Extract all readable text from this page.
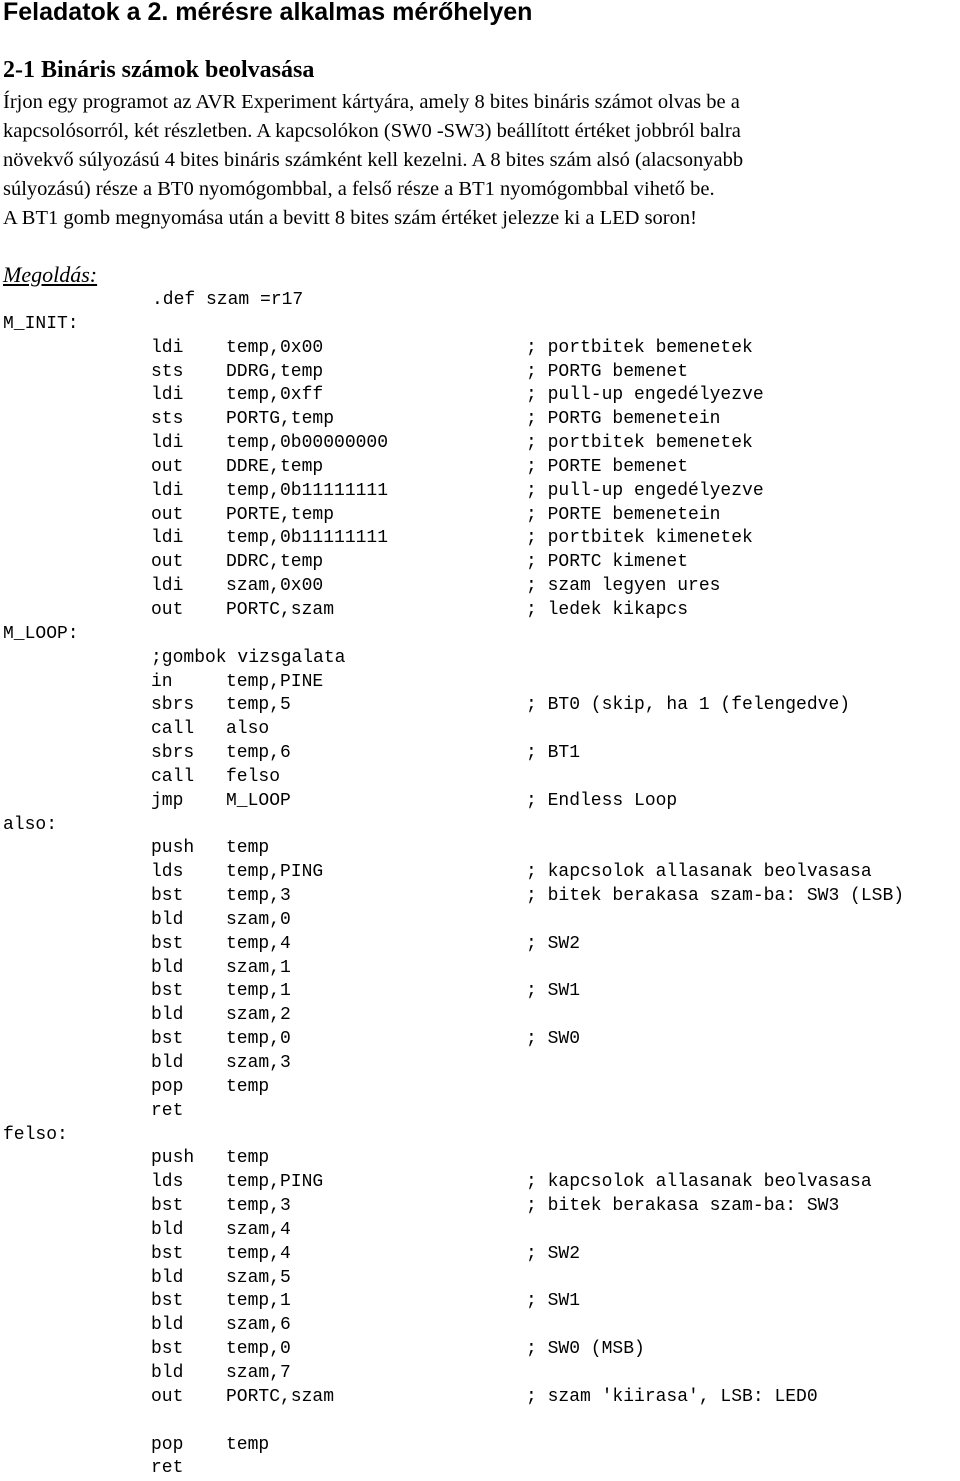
Feladatok a 2. mérésre alkalmas mérőhelyen
2-1 Bináris számok beolvasása
Írjon egy programot az AVR Experiment kártyára, amely 8 bites bináris számot olvas be a
kapcsolósorról, két részletben. A kapcsolókon (SW0 -SW3) beállított értéket jobbról balra
növekvő súlyozású 4 bites bináris számként kell kezelni. A 8 bites szám alsó (alacsonyabb
súlyozású) része a BT0 nyomógombbal, a felső része a BT1 nyomógombbal vihető be.
A BT1 gomb megnyomása után a bevitt 8 bites szám értéket jelezze ki a LED soron!
Megoldás:
.def szam =r17
M_INIT:
ldi temp,0x00	; portbitek bemenetek
sts DDRG,temp	; PORTG bemenet
ldi temp,0xff	; pull-up engedélyezve
sts PORTG,temp	; PORTG bemenetein
ldi temp,0b00000000	; portbitek bemenetek
out DDRE,temp	; PORTE bemenet
ldi temp,0b11111111	; pull-up engedélyezve
out PORTE,temp	; PORTE bemenetein
ldi temp,0b11111111	; portbitek kimenetek
out DDRC,temp	; PORTC kimenet
ldi szam,0x00	; szam legyen ures
out PORTC,szam	; ledek kikapcs
M_LOOP:
;gombok vizsgalata
in	temp,PINE
sbrs temp,5	; BT0 (skip, ha 1 (felengedve)
call also
sbrs temp,6	; BT1
call felso
jmp M_LOOP	; Endless Loop
also:
push temp
lds temp,PING	; kapcsolok allasanak beolvasasa
bst temp,3	; bitek berakasa szam-ba: SW3 (LSB)
bld szam,0
bst temp,4	; SW2
bld szam,1
bst temp,1	; SW1
bld szam,2
bst temp,0	; SW0
bld szam,3
pop temp
ret
felso:
push temp
lds temp,PING	; kapcsolok allasanak beolvasasa
bst temp,3	; bitek berakasa szam-ba: SW3
bld szam,4
bst temp,4	; SW2
bld szam,5
bst temp,1	; SW1
bld szam,6
bst temp,0	; SW0 (MSB)
bld szam,7
out PORTC,szam	; szam 'kiirasa', LSB: LED0
pop temp
ret
